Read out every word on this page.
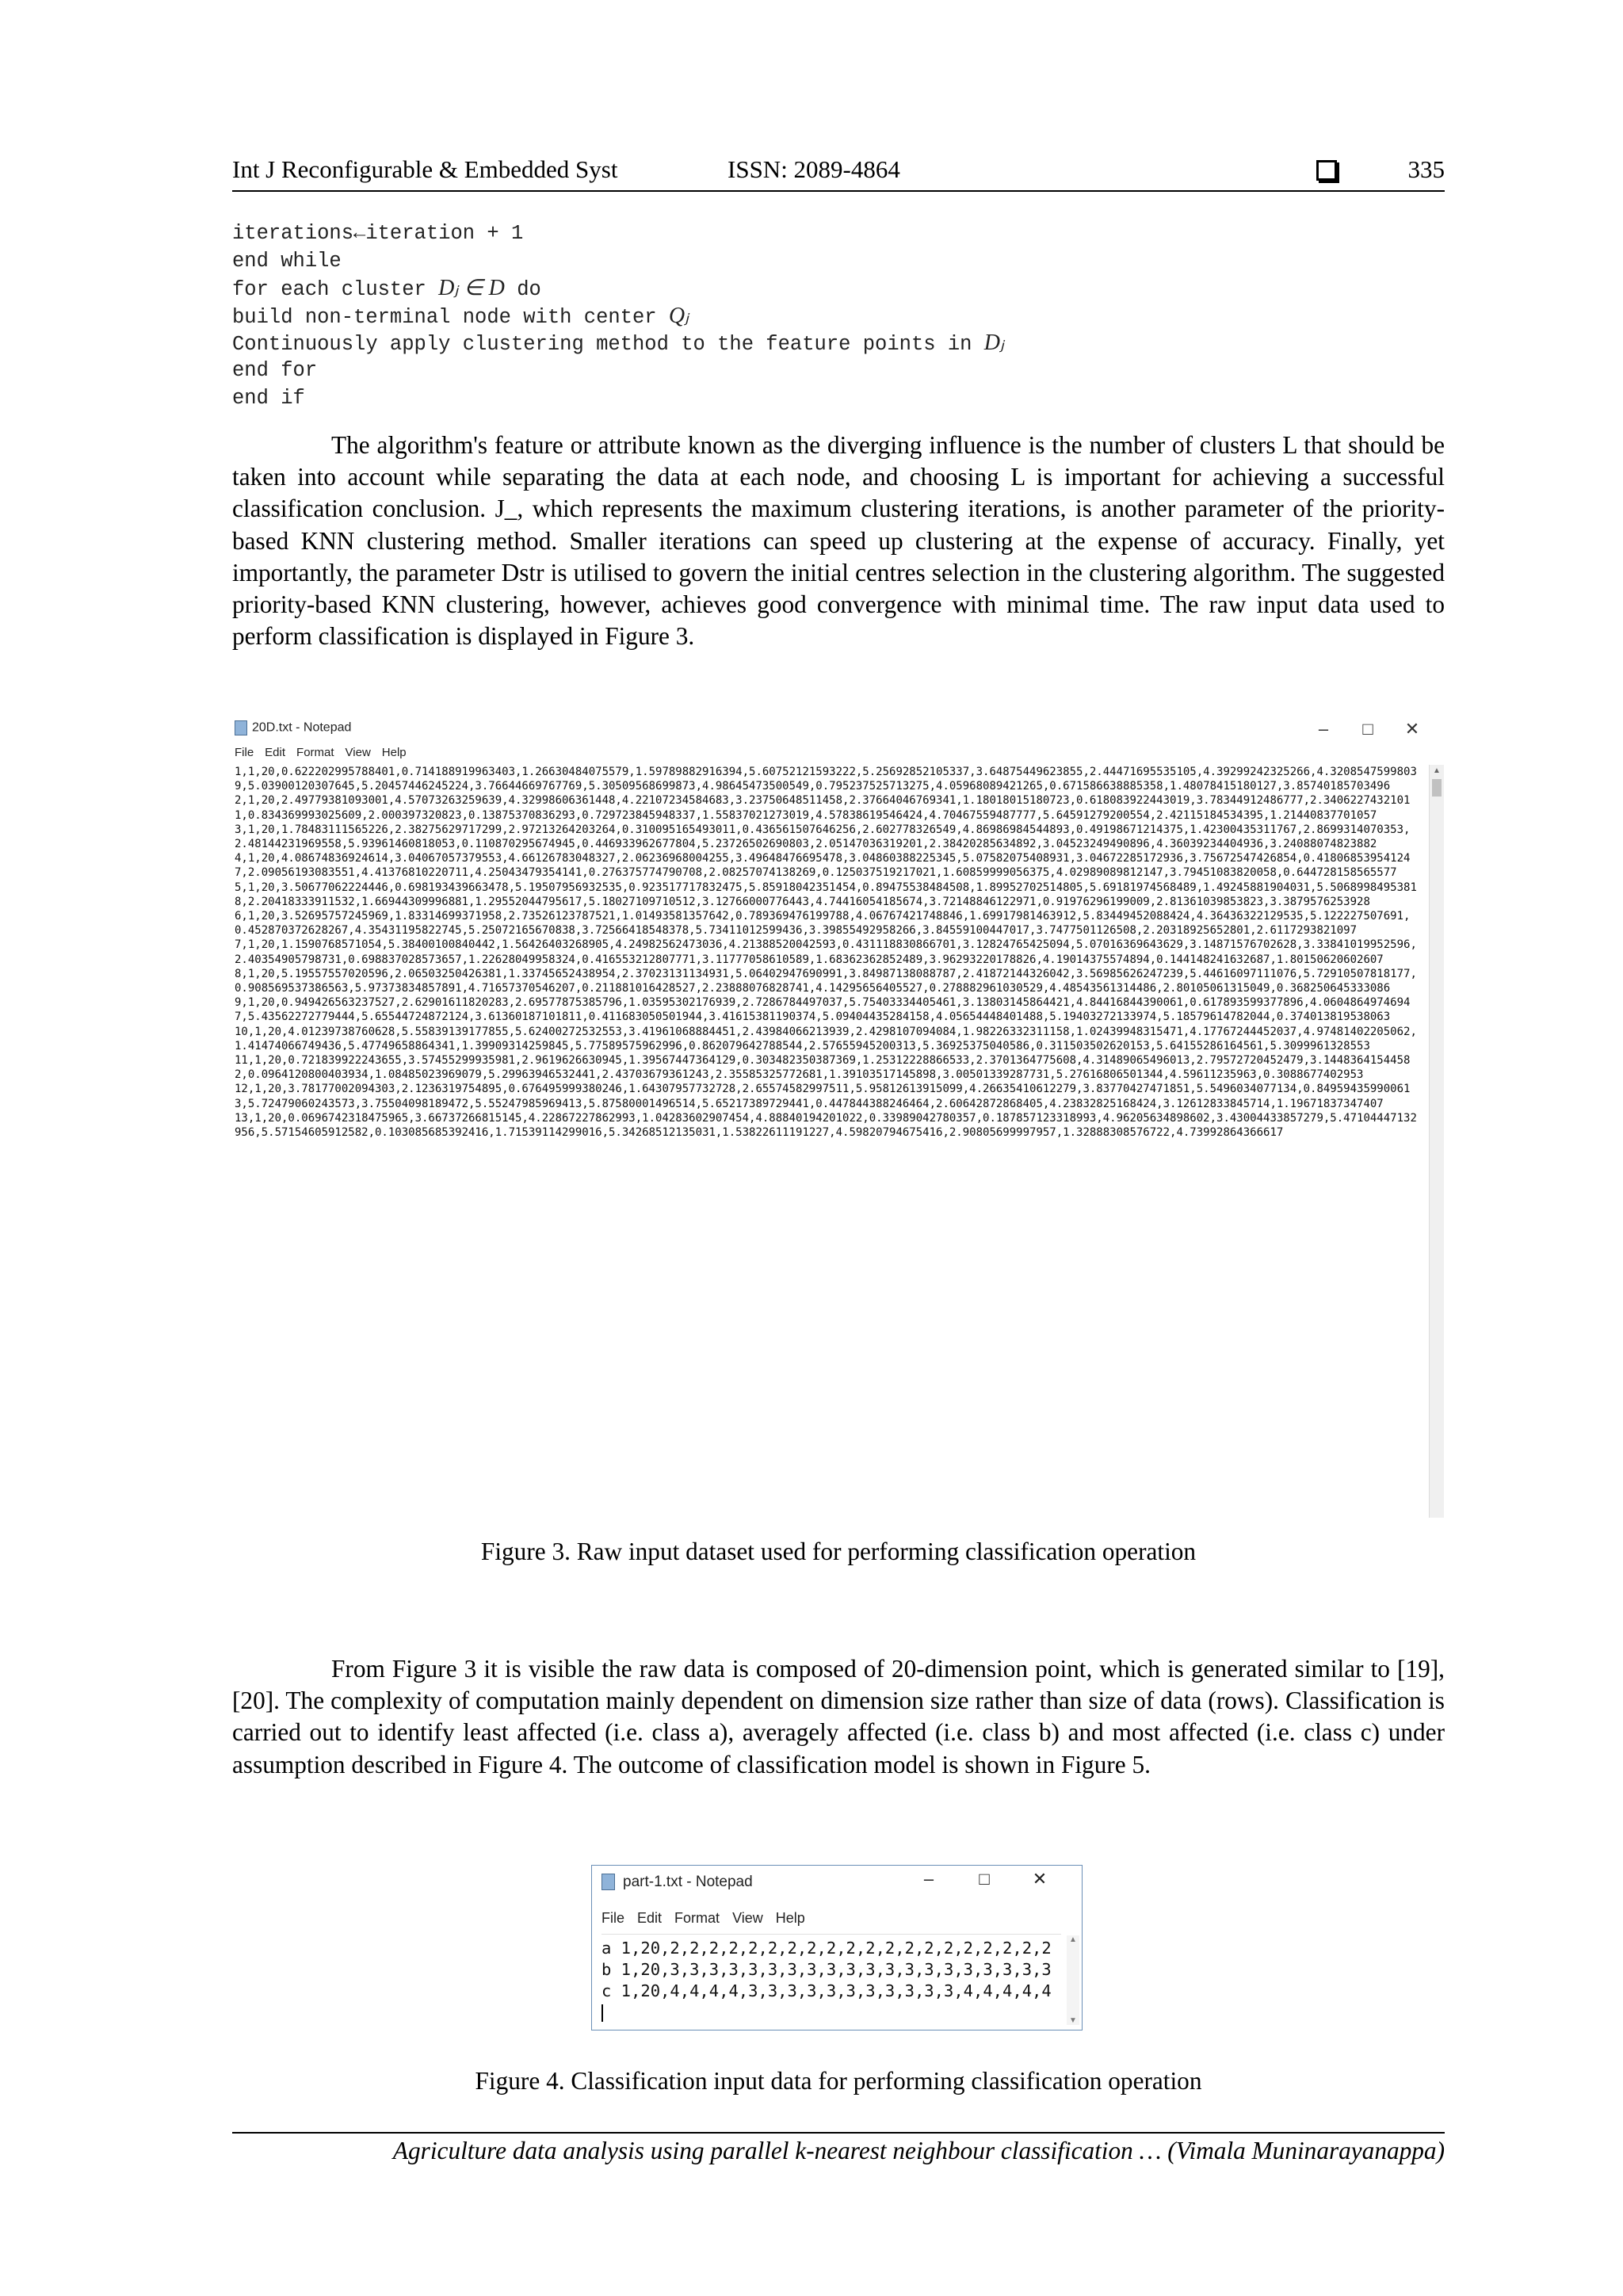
Int J Reconfigurable & Embedded Syst	ISSN: 2089-4864	335
iterations←iteration + 1
end while
for each cluster Dⱼ ∈ D do
build non-terminal node with center Qⱼ
Continuously apply clustering method to the feature points in Dⱼ
end for
end if

The algorithm's feature or attribute known as the diverging influence is the number of clusters L that should be taken into account while separating the data at each node, and choosing L is important for achieving a successful classification conclusion. J_, which represents the maximum clustering iterations, is another parameter of the priority-based KNN clustering method. Smaller iterations can speed up clustering at the expense of accuracy. Finally, yet importantly, the parameter Dstr is utilised to govern the initial centres selection in the clustering algorithm. The suggested priority-based KNN clustering, however, achieves good convergence with minimal time. The raw input data used to perform classification is displayed in Figure 3.

20D.txt - Notepad	– □ ✕
File Edit Format View Help
1,1,20,0.622202995788401,0.714188919963403,1.26630484075579,1.59789882916394,5.60752121593222,5.25692852105337,3.64875449623855,2.44471695535105,4.39299242325266,4.32085475998039,5.03900120307645,5.20457446245224,3.76644669767769,5.30509568699873,4.98645473500549,0.795237525713275,4.05968089421265,0.671586638885358,1.48078415180127,3.85740185703496
2,1,20,2.49779381093001,4.57073263259639,4.32998606361448,4.22107234584683,3.23750648511458,2.37664046769341,1.18018015180723,0.618083922443019,3.78344912486777,2.34062274321011,0.834369993025609,2.000397320823,0.13875370836293,0.729723845948337,1.55837021273019,4.57838619546424,4.70467559487777,5.64591279200554,2.42115184534395,1.21440837701057
3,1,20,1.78483111565226,2.38275629717299,2.97213264203264,0.310095165493011,0.436561507646256,2.602778326549,4.86986984544893,0.49198671214375,1.42300435311767,2.8699314070353,2.48144231969558,5.93961460818053,0.110870295674945,0.446933962677804,5.23726502690803,2.05147036319201,2.38420285634892,3.04523249490896,4.36039234404936,3.24088074823882
4,1,20,4.08674836924614,3.04067057379553,4.66126783048327,2.06236968004255,3.49648476695478,3.04860388225345,5.07582075408931,3.04672285172936,3.75672547426854,0.418068539541247,2.09056193083551,4.41376810220711,4.25043479354141,0.276375774790708,2.08257074138269,0.125037519217021,1.60859999056375,4.02989089812147,3.79451083820058,0.644728158565577
5,1,20,3.50677062224446,0.698193439663478,5.19507956932535,0.923517717832475,5.85918042351454,0.89475538484508,1.89952702514805,5.69181974568489,1.49245881904031,5.50689984953818,2.20418333911532,1.66944309996881,1.29552044795617,5.18027109710512,3.12766000776443,4.74416054185674,3.72148846122971,0.91976296199009,2.81361039853823,3.3879576253928
6,1,20,3.52695757245969,1.83314699371958,2.73526123787521,1.01493581357642,0.789369476199788,4.06767421748846,1.69917981463912,5.83449452088424,4.36436322129535,5.122227507691,0.452870372628267,4.35431195822745,5.25072165670838,3.72566418548378,5.73411012599436,3.39855492958266,3.84559100447017,3.7477501126508,2.20318925652801,2.6117293821097
7,1,20,1.1590768571054,5.38400100840442,1.56426403268905,4.24982562473036,4.21388520042593,0.431118830866701,3.12824765425094,5.07016369643629,3.14871576702628,3.33841019952596,2.40354905798731,0.698837028573657,1.22628049958324,0.416553212807771,3.11777058610589,1.68362362852489,3.96293220178826,4.19014375574894,0.144148241632687,1.80150620602607
8,1,20,5.19557557020596,2.06503250426381,1.33745652438954,2.37023131134931,5.06402947690991,3.84987138088787,2.41872144326042,3.56985626247239,5.44616097111076,5.72910507818177,0.908569537386563,5.97373834857891,4.71657370546207,0.211881016428527,2.23888076828741,4.14295656405527,0.278882961030529,4.48543561314486,2.80105061315049,0.368250645333086
9,1,20,0.949426563237527,2.62901611820283,2.69577875385796,1.03595302176939,2.7286784497037,5.75403334405461,3.13803145864421,4.84416844390061,0.617893599377896,4.06048649746947,5.43562272779444,5.65544724872124,3.61360187101811,0.411683050501944,3.41615381190374,5.09404435284158,4.05654448401488,5.19403272133974,5.18579614782044,0.374013819538063
10,1,20,4.01239738760628,5.55839139177855,5.62400272532553,3.41961068884451,2.43984066213939,2.4298107094084,1.98226332311158,1.02439948315471,4.17767244452037,4.97481402205062,1.41474066749436,5.47749658864341,1.39909314259845,5.77589575962996,0.862079642788544,2.57655945200313,5.36925375040586,0.311503502620153,5.64155286164561,5.3099961328553
11,1,20,0.721839922243655,3.57455299935981,2.9619626630945,1.39567447364129,0.303482350387369,1.25312228866533,2.3701364775608,4.31489065496013,2.79572720452479,3.14483641544582,0.0964120800403934,1.08485023969079,5.29963946532441,2.43703679361243,2.35585325772681,1.39103517145898,3.00501339287731,5.27616806501344,4.59611235963,0.3088677402953
12,1,20,3.78177002094303,2.1236319754895,0.676495999380246,1.64307957732728,2.65574582997511,5.95812613915099,4.26635410612279,3.83770427471851,5.5496034077134,0.849594359900613,5.72479060243573,3.75504098189472,5.55247985969413,5.87580001496514,5.65217389729441,0.447844388246464,2.60642872868405,4.23832825168424,3.12612833845714,1.19671837347407
13,1,20,0.0696742318475965,3.66737266815145,4.22867227862993,1.04283602907454,4.88840194201022,0.33989042780357,0.187857123318993,4.96205634898602,3.43004433857279,5.47104447132956,5.57154605912582,0.103085685392416,1.71539114299016,5.34268512135031,1.53822611191227,4.59820794675416,2.90805699997957,1.32888308576722,4.73992864366617
▲
Figure 3. Raw input dataset used for performing classification operation

From Figure 3 it is visible the raw data is composed of 20-dimension point, which is generated similar to [19], [20]. The complexity of computation mainly dependent on dimension size rather than size of data (rows). Classification is carried out to identify least affected (i.e. class a), averagely affected (i.e. class b) and most affected (i.e. class c) under assumption described in Figure 4. The outcome of classification model is shown in Figure 5.

part-1.txt - Notepad	–	□ ✕
File Edit Format View Help
a 1,20,2,2,2,2,2,2,2,2,2,2,2,2,2,2,2,2,2,2,2,2
b 1,20,3,3,3,3,3,3,3,3,3,3,3,3,3,3,3,3,3,3,3,3
c 1,20,4,4,4,4,3,3,3,3,3,3,3,3,3,3,3,4,4,4,4,4
▲
▼
Figure 4. Classification input data for performing classification operation
Agriculture data analysis using parallel k-nearest neighbour classification … (Vimala Muninarayanappa)
